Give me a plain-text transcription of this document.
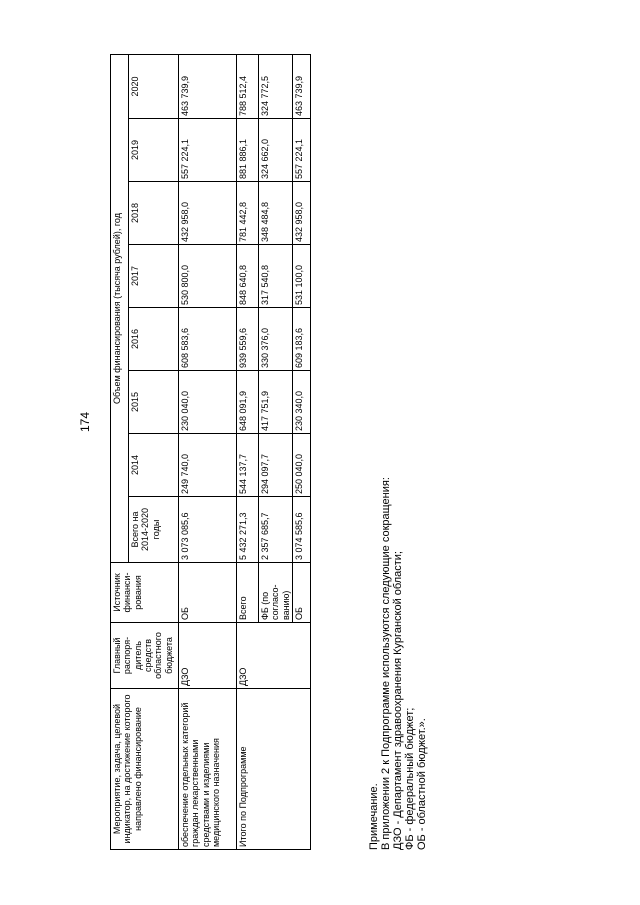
174
Мероприятие, задача, целевой индикатор, на достижение которого направлено финансирование	Главный распоря-дитель средств областного бюджета	Источник финанси-рования	Объем финансирования (тысяча рублей), год							
			Всего на 2014-2020 годы	2014	2015	2016	2017	2018	2019	2020
обеспечение отдельных категорий граждан лекарственными средствами и изделиями медицинского назначения	ДЗО	ОБ	3 073 085,6	249 740,0	230 040,0	608 583,6	530 800,0	432 958,0	557 224,1	463 739,9
Итого по Подпрограмме	ДЗО	Всего	5 432 271,3	544 137,7	648 091,9	939 559,6	848 640,8	781 442,8	881 886,1	788 512,4
		ФБ (по согласо-ванию)	2 357 685,7	294 097,7	417 751,9	330 376,0	317 540,8	348 484,8	324 662,0	324 772,5
		ОБ	3 074 585,6	250 040,0	230 340,0	609 183,6	531 100,0	432 958,0	557 224,1	463 739,9
Примечание. В приложении 2 к Подпрограмме используются следующие сокращения: ДЗО - Департамент здравоохранения Курганской области; ФБ - федеральный бюджет; ОБ - областной бюджет.».
